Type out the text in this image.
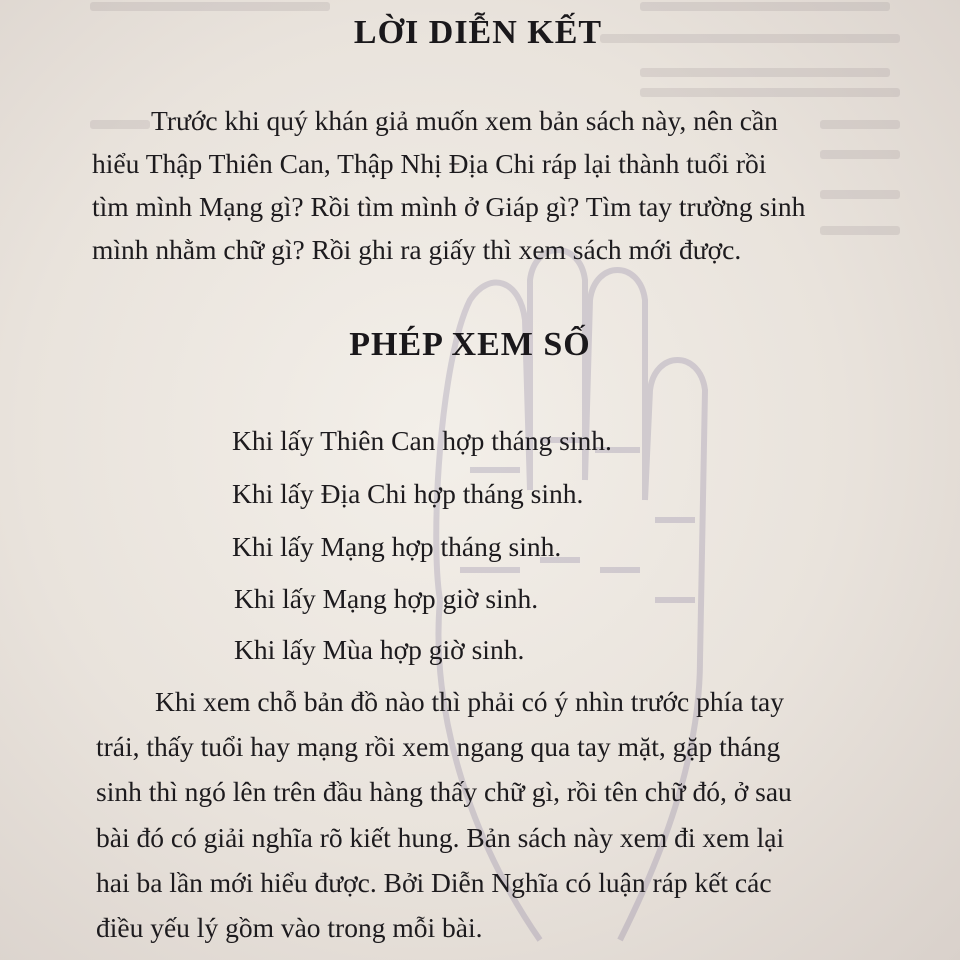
LỜI DIỄN KẾT

Trước khi quý khán giả muốn xem bản sách này, nên cần

hiểu Thập Thiên Can, Thập Nhị Địa Chi ráp lại thành tuổi rồi

tìm mình Mạng gì? Rồi tìm mình ở Giáp gì? Tìm tay trường sinh

mình nhằm chữ gì? Rồi ghi ra giấy thì xem sách mới được.

PHÉP XEM SỐ

Khi lấy Thiên Can hợp tháng sinh.

Khi lấy Địa Chi hợp tháng sinh.

Khi lấy Mạng hợp tháng sinh.

Khi lấy Mạng hợp giờ sinh.

Khi lấy Mùa hợp giờ sinh.

Khi xem chỗ bản đồ nào thì phải có ý nhìn trước phía tay

trái, thấy tuổi hay mạng rồi xem ngang qua tay mặt, gặp tháng

sinh thì ngó lên trên đầu hàng thấy chữ gì, rồi tên chữ đó, ở sau

bài đó có giải nghĩa rõ kiết hung. Bản sách này xem đi xem lại

hai ba lần mới hiểu được. Bởi Diễn Nghĩa có luận ráp kết các

điều yếu lý gồm vào trong mỗi bài.
